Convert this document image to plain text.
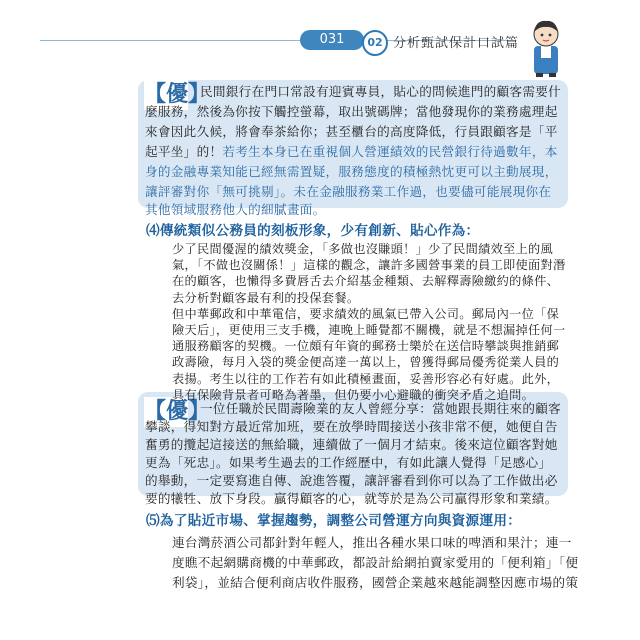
031	02 分析甄試保計口試篇
【優 民間銀行在門口常設有迎賓專員，貼心的問候進門的顧客需要什
麼服務，然後為你按下觸控螢幕，取出號碼牌；當他發現你的業務處理起
來會因此久候，將會奉茶給你；甚至櫃台的高度降低，行員跟顧客是「平
起平坐」的！若考生本身已在重視個人營運績效的民營銀行待過數年，本
身的金融專業知能已經無需置疑，服務態度的積極熱忱更可以主動展現，
讓評審對你「無可挑剔」。未在金融服務業工作過，也要儘可能展現你在
其他領域服務他人的細膩畫面。
⑷傳統類似公務員的刻板形象，少有創新、貼心作為：
少了民間優渥的績效獎金，「多做也沒賺頭！」少了民間績效至上的風
氣，「不做也沒關係！」這樣的觀念，讓許多國營事業的員工即使面對潛
在的顧客，也懶得多費唇舌去介紹基金種類、去解釋壽險繳約的條件、
去分析對顧客最有利的投保套餐。
但中華郵政和中華電信，要求績效的風氣已帶入公司。郵局內一位「保
險天后」，更使用三支手機，連晚上睡覺都不關機，就是不想漏掉任何一
通服務顧客的契機。一位頗有年資的郵務士樂於在送信時攀談與推銷郵
政壽險，每月入袋的獎金便高達一萬以上，曾獲得郵局優秀從業人員的
表揚。考生以往的工作若有如此積極畫面，妥善形容必有好處。此外，
【優 一位任職於民間壽險業的友人曾經分享：當她跟長期往來的顧客
攀談，得知對方最近常加班，要在放學時間接送小孩非常不便，她便自告
奮勇的攬起這接送的無給職，連續做了一個月才結束。後來這位顧客對她
更為「死忠」。如果考生過去的工作經歷中，有如此讓人覺得「足感心」
的舉動，一定要寫進自傳、說進答覆，讓評審看到你可以為了工作做出必
要的犧牲、放下身段。贏得顧客的心，就等於是為公司贏得形象和業績。
⑸為了貼近市場、掌握趨勢，調整公司營運方向與資源運用：
連台灣菸酒公司都針對年輕人，推出各種水果口味的啤酒和果汁；連一
度瞧不起網購商機的中華郵政，都設計給網拍賣家愛用的「便利箱」「便
利袋」，並結合便利商店收件服務，國營企業越來越能調整因應市場的策
具有保險背景者可略為著墨，但仍要小心避職的衝突矛盾之追問。
